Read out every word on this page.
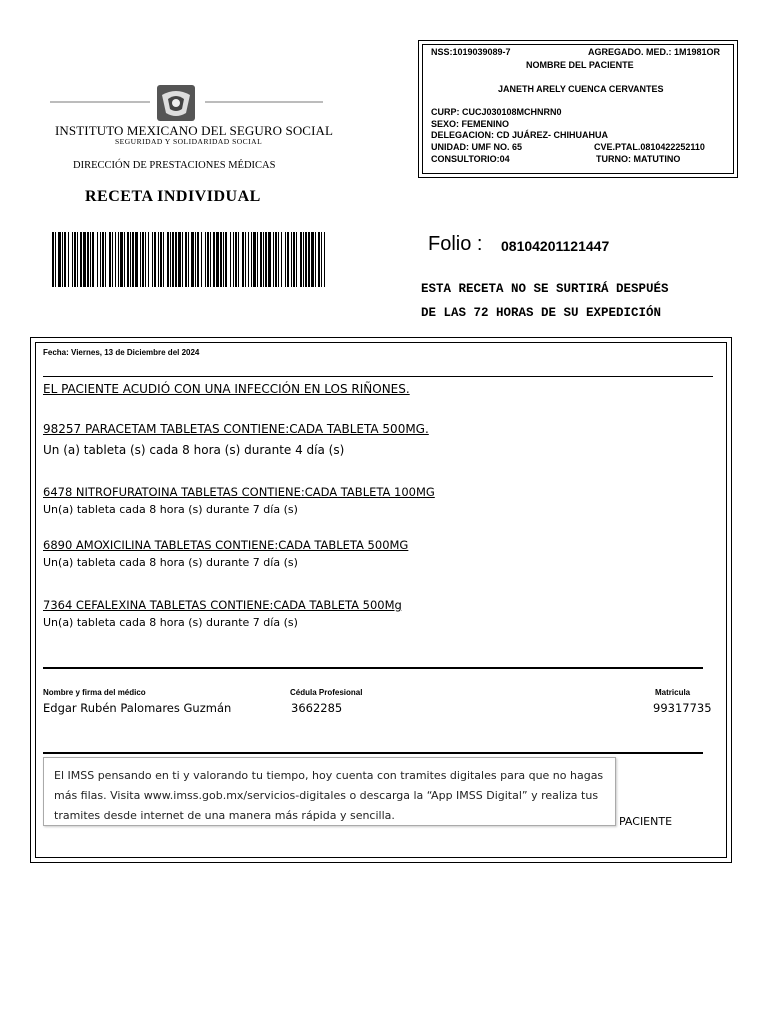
INSTITUTO MEXICANO DEL SEGURO SOCIAL
SEGURIDAD Y SOLIDARIDAD SOCIAL
DIRECCIÓN DE PRESTACIONES MÉDICAS
RECETA INDIVIDUAL
NSS:1019039089-7	AGREGADO. MED.: 1M1981OR
NOMBRE DEL PACIENTE
JANETH ARELY CUENCA CERVANTES
CURP: CUCJ030108MCHNRN0
SEXO: FEMENINO
DELEGACION: CD JUÁREZ- CHIHUAHUA
UNIDAD: UMF NO. 65	CVE.PTAL.0810422252110
CONSULTORIO:04	TURNO: MATUTINO
Folio : 08104201121447
ESTA RECETA NO SE SURTIRÁ DESPUÉS
DE LAS 72 HORAS DE SU EXPEDICIÓN
Fecha: Viernes, 13 de Diciembre del 2024
EL PACIENTE ACUDIÓ CON UNA INFECCIÓN EN LOS RIÑONES.
98257 PARACETAM TABLETAS CONTIENE:CADA TABLETA 500MG.
Un (a) tableta (s) cada 8 hora (s) durante 4 día (s)
6478 NITROFURATOINA TABLETAS CONTIENE:CADA TABLETA 100MG
Un(a) tableta cada 8 hora (s) durante 7 día (s)
6890 AMOXICILINA TABLETAS CONTIENE:CADA TABLETA 500MG
Un(a) tableta cada 8 hora (s) durante 7 día (s)
7364 CEFALEXINA TABLETAS CONTIENE:CADA TABLETA 500Mg
Un(a) tableta cada 8 hora (s) durante 7 día (s)
Nombre y firma del médico
Edgar Rubén Palomares Guzmán
Cédula Profesional
3662285
Matricula
99317735
El IMSS pensando en ti y valorando tu tiempo, hoy cuenta con tramites digitales para que no hagas más filas. Visita www.imss.gob.mx/servicios-digitales o descarga la “App IMSS Digital” y realiza tus tramites desde internet de una manera más rápida y sencilla.	PACIENTE
